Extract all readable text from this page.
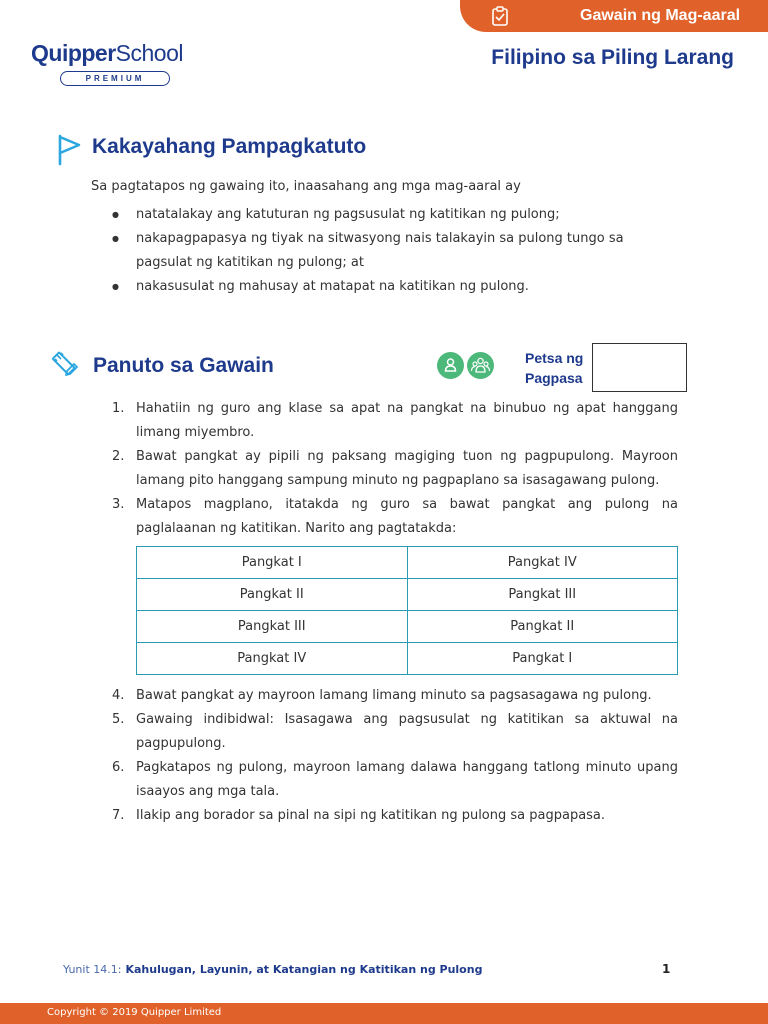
Gawain ng Mag-aaral
QuipperSchool
PREMIUM
Filipino sa Piling Larang
Kakayahang Pampagkatuto
Sa pagtatapos ng gawaing ito, inaasahang ang mga mag-aaral ay
● natatalakay ang katuturan ng pagsusulat ng katitikan ng pulong;
● nakapagpapasya ng tiyak na sitwasyong nais talakayin sa pulong tungo sa pagsulat ng katitikan ng pulong; at
● nakasusulat ng mahusay at matapat na katitikan ng pulong.
Panuto sa Gawain	Petsa ng
Pagpasa
1. Hahatiin ng guro ang klase sa apat na pangkat na binubuo ng apat hanggang limang miyembro.
2. Bawat pangkat ay pipili ng paksang magiging tuon ng pagpupulong. Mayroon lamang pito hanggang sampung minuto ng pagpaplano sa isasagawang pulong.
3. Matapos magplano, itatakda ng guro sa bawat pangkat ang pulong na paglalaanan ng katitikan. Narito ang pagtatakda:
Pangkat I	Pangkat IV
Pangkat II	Pangkat III
Pangkat III	Pangkat II
Pangkat IV	Pangkat I
4. Bawat pangkat ay mayroon lamang limang minuto sa pagsasagawa ng pulong.
5. Gawaing indibidwal: Isasagawa ang pagsusulat ng katitikan sa aktuwal na pagpupulong.
6. Pagkatapos ng pulong, mayroon lamang dalawa hanggang tatlong minuto upang isaayos ang mga tala.
7. Ilakip ang borador sa pinal na sipi ng katitikan ng pulong sa pagpapasa.
Yunit 14.1: Kahulugan, Layunin, at Katangian ng Katitikan ng Pulong	1
Copyright © 2019 Quipper Limited
